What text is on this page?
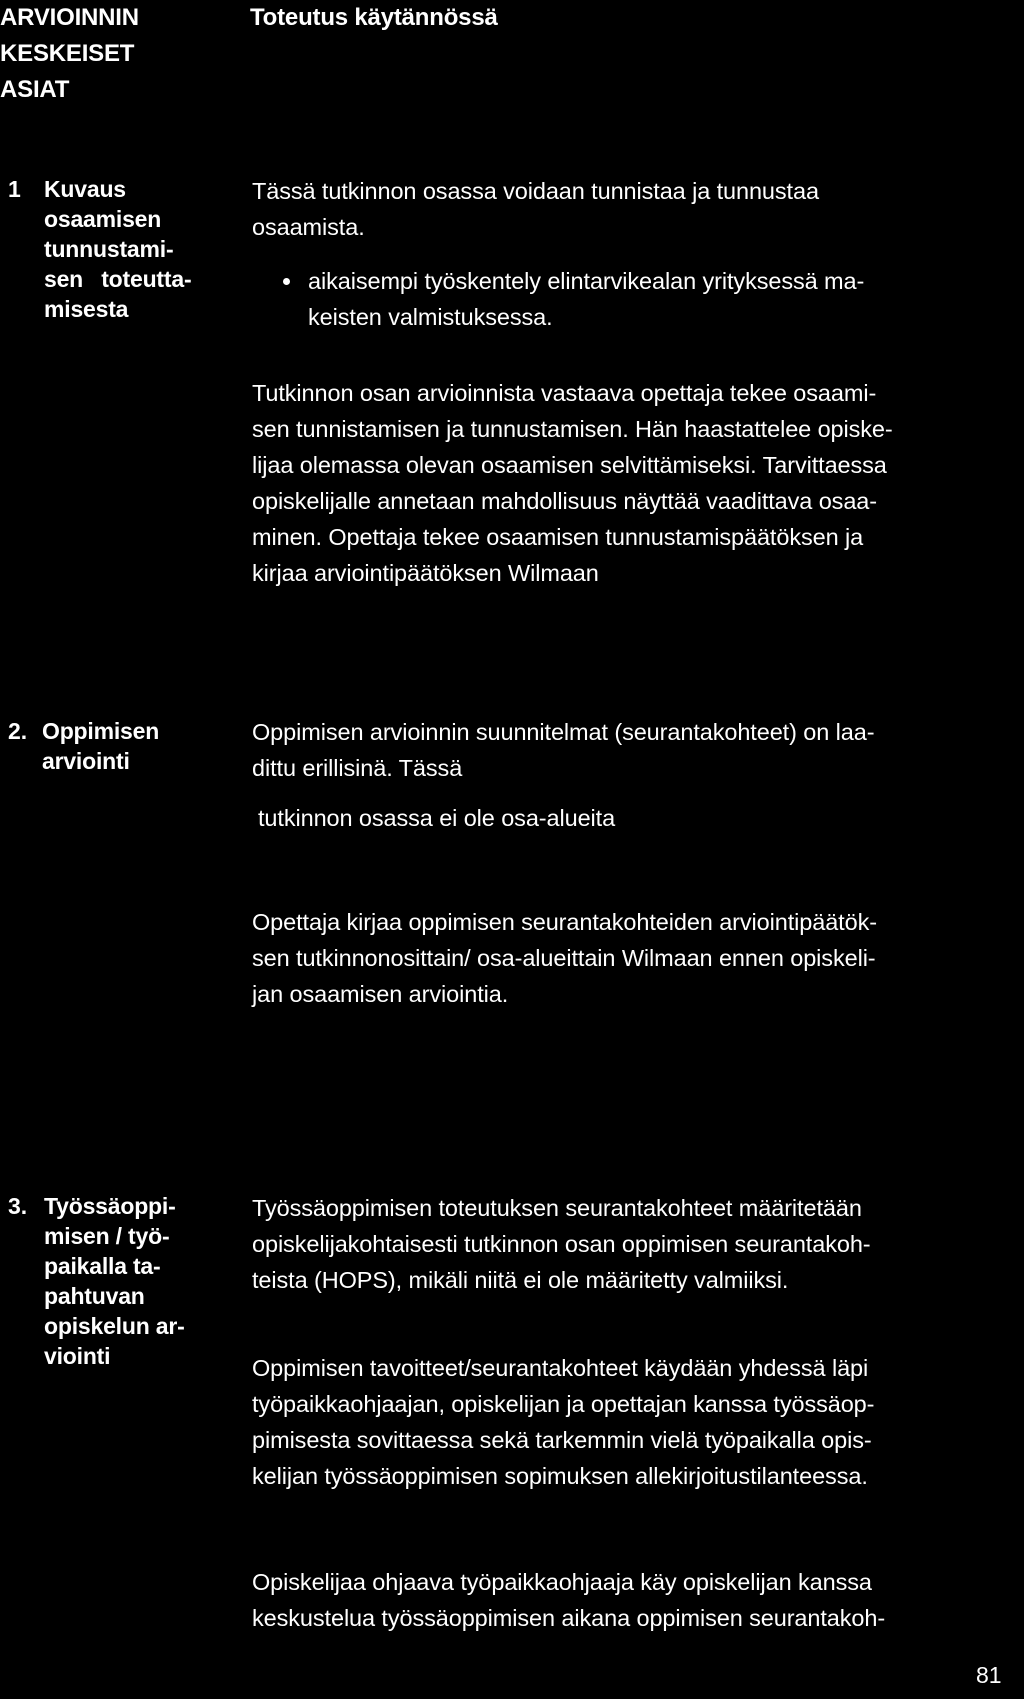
ARVIOINNIN
KESKEISET
ASIAT
Toteutus käytännössä
1 Kuvaus
osaamisen
tunnustami-
sen toteutta-
misesta
Tässä tutkinnon osassa voidaan tunnistaa ja tunnustaa
osaamista.
aikaisempi työskentely elintarvikealan yrityksessä ma-
keisten valmistuksessa.
Tutkinnon osan arvioinnista vastaava opettaja tekee osaami-
sen tunnistamisen ja tunnustamisen. Hän haastattelee opiske-
lijaa olemassa olevan osaamisen selvittämiseksi. Tarvittaessa
opiskelijalle annetaan mahdollisuus näyttää vaadittava osaa-
minen. Opettaja tekee osaamisen tunnustamispäätöksen ja
kirjaa arviointipäätöksen Wilmaan
2. Oppimisen
arviointi
Oppimisen arvioinnin suunnitelmat (seurantakohteet) on laa-
dittu erillisinä. Tässä
tutkinnon osassa ei ole osa-alueita
Opettaja kirjaa oppimisen seurantakohteiden arviointipäätök-
sen tutkinnonosittain/ osa-alueittain Wilmaan ennen opiskeli-
jan osaamisen arviointia.
3. Työssäoppi-
misen / työ-
paikalla ta-
pahtuvan
opiskelun ar-
viointi
Työssäoppimisen toteutuksen seurantakohteet määritetään
opiskelijakohtaisesti tutkinnon osan oppimisen seurantakoh-
teista (HOPS), mikäli niitä ei ole määritetty valmiiksi.
Oppimisen tavoitteet/seurantakohteet käydään yhdessä läpi
työpaikkaohjaajan, opiskelijan ja opettajan kanssa työssäop-
pimisesta sovittaessa sekä tarkemmin vielä työpaikalla opis-
kelijan työssäoppimisen sopimuksen allekirjoitustilanteessa.
Opiskelijaa ohjaava työpaikkaohjaaja käy opiskelijan kanssa
keskustelua työssäoppimisen aikana oppimisen seurantakoh-
81
